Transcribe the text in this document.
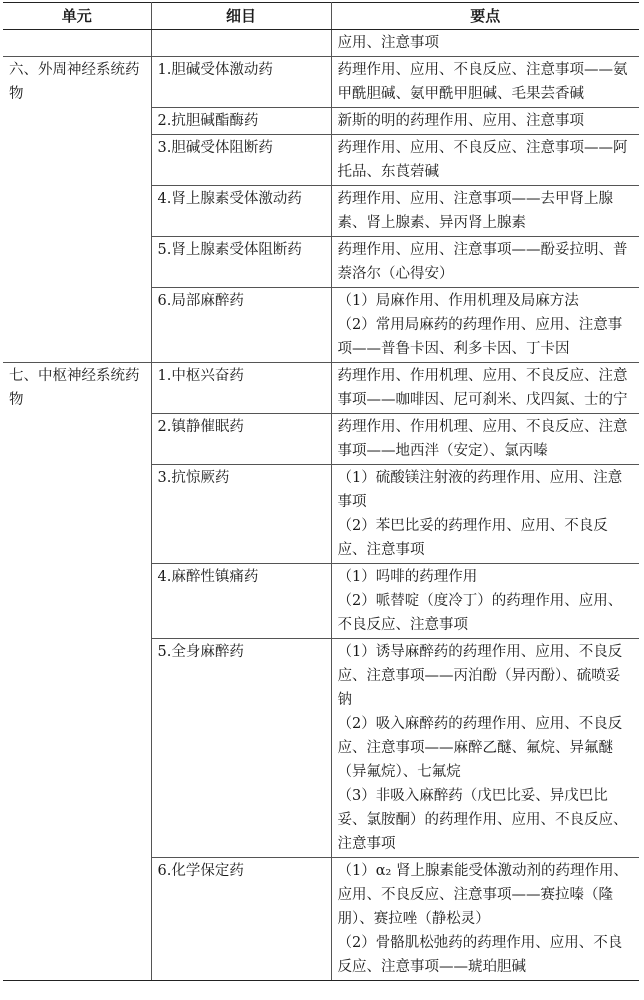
单元	细目	要点

		应用、注意事项

六、外周神经系统药物	1.胆碱受体激动药	药理作用、应用、不良反应、注意事项——氨甲酰胆碱、氨甲酰甲胆碱、毛果芸香碱

	2.抗胆碱酯酶药	新斯的明的药理作用、应用、注意事项

	3.胆碱受体阻断药	药理作用、应用、不良反应、注意事项——阿托品、东莨菪碱

	4.肾上腺素受体激动药	药理作用、应用、注意事项——去甲肾上腺素、肾上腺素、异丙肾上腺素

	5.肾上腺素受体阻断药	药理作用、应用、注意事项——酚妥拉明、普萘洛尔（心得安）

	6.局部麻醉药	（1）局麻作用、作用机理及局麻方法
（2）常用局麻药的药理作用、应用、注意事项——普鲁卡因、利多卡因、丁卡因

七、中枢神经系统药物	1.中枢兴奋药	药理作用、作用机理、应用、不良反应、注意事项——咖啡因、尼可刹米、戊四氮、士的宁

	2.镇静催眠药	药理作用、作用机理、应用、不良反应、注意事项——地西泮（安定）、氯丙嗪

	3.抗惊厥药	（1）硫酸镁注射液的药理作用、应用、注意事项
（2）苯巴比妥的药理作用、应用、不良反应、注意事项

	4.麻醉性镇痛药	（1）吗啡的药理作用
（2）哌替啶（度冷丁）的药理作用、应用、不良反应、注意事项

	5.全身麻醉药	（1）诱导麻醉药的药理作用、应用、不良反应、注意事项——丙泊酚（异丙酚）、硫喷妥钠
（2）吸入麻醉药的药理作用、应用、不良反应、注意事项——麻醉乙醚、氟烷、异氟醚（异氟烷）、七氟烷
（3）非吸入麻醉药（戊巴比妥、异戊巴比妥、氯胺酮）的药理作用、应用、不良反应、注意事项

	6.化学保定药	（1）α₂ 肾上腺素能受体激动剂的药理作用、应用、不良反应、注意事项——赛拉嗪（隆朋）、赛拉唑（静松灵）
（2）骨骼肌松弛药的药理作用、应用、不良反应、注意事项——琥珀胆碱
